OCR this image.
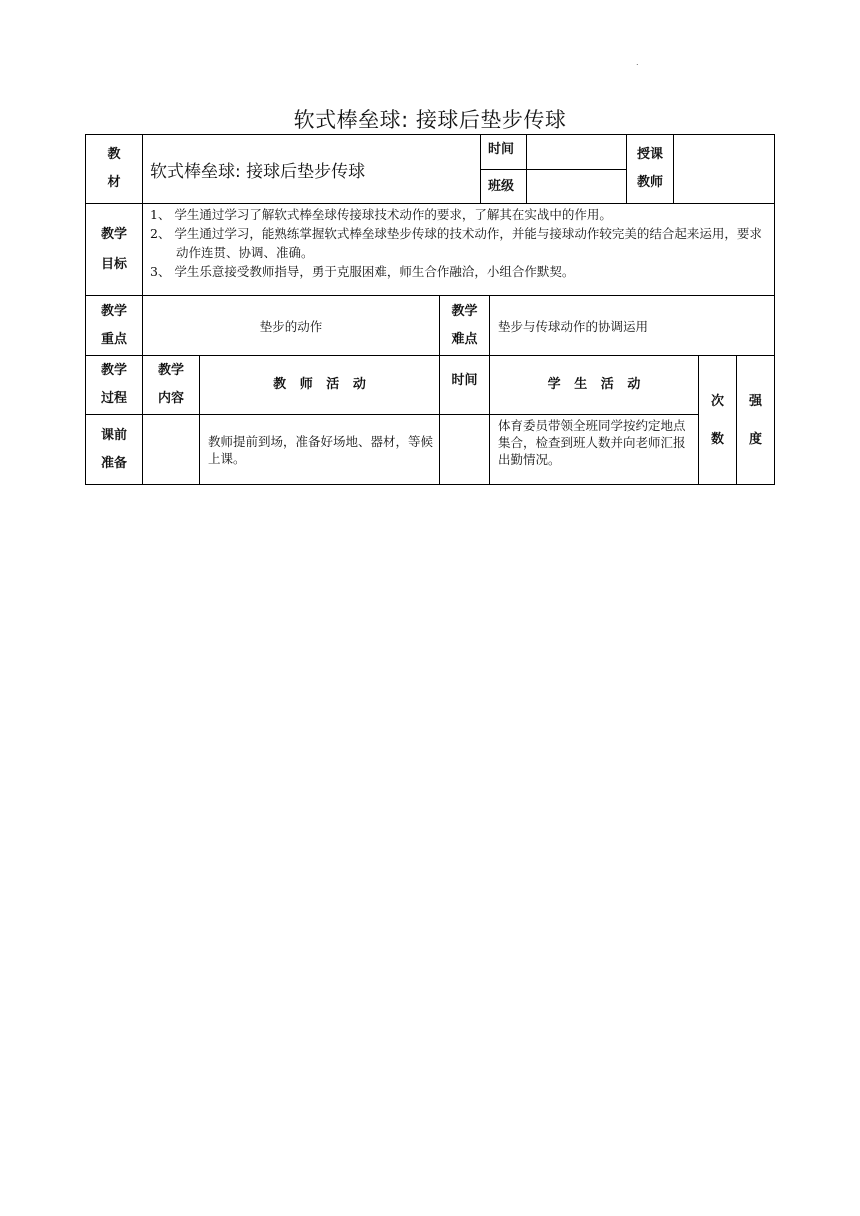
.
软式棒垒球: 接球后垫步传球
教
材
软式棒垒球: 接球后垫步传球
时间
班级
授课
教师
教学
目标
1、 学生通过学习了解软式棒垒球传接球技术动作的要求，了解其在实战中的作用。
2、 学生通过学习，能熟练掌握软式棒垒球垫步传球的技术动作，并能与接球动作较完美的结合起来运用，要求动作连贯、协调、准确。
3、 学生乐意接受教师指导，勇于克服困难，师生合作融洽，小组合作默契。
教学
重点
垫步的动作
教学
难点
垫步与传球动作的协调运用
教学
过程
教学
内容
教   师   活   动	时间	学   生   活   动
次
数
强
度
课前
准备
教师提前到场，准备好场地、器材，等候上课。
体育委员带领全班同学按约定地点集合，检查到班人数并向老师汇报出勤情况。
